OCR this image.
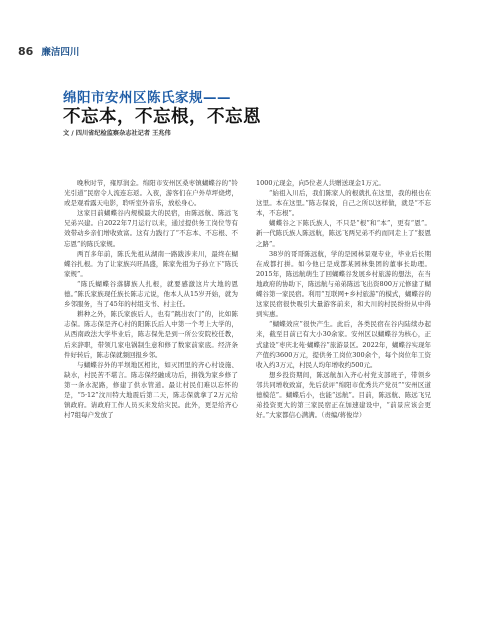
86 廉洁四川
绵阳市安州区陈氏家规——
不忘本，不忘根，不忘恩
文 / 四川省纪检监察杂志社记者 王兆伟

晚秋时节，雍厚润金。绵阳市安州区桑枣镇蝴蝶谷的“铃光引道”民宿令人流连忘返。入夜，游客们在户外草坪烧烤，或是观看露天电影，聆听室外音乐，放松身心。

这家目前蝴蝶谷内规模最大的民宿，由陈远航、陈远飞兄弟兴建。自2022年7月运行以来，通过提供务工岗位等有效带动乡亲们增收致富。这有力践行了“不忘本、不忘根、不忘恩”的陈氏家规。

两百多年前，陈氏先祖从湖南一路跋涉来川，最终在蝴蝶谷扎根。为了让家族兴旺昌盛，陈家先祖为子孙立下“陈氏家规”。

“陈氏蝴蝶谷落脚族人扎根，就要感激这片大地的恩德。”陈氏家族现任族长陈志元说，他本人从15岁开始，就为乡邻服务，当了45年的村组支书、村主任。

耕种之外，陈氏家族后人，也有“跳出农门”的，比如陈志保。陈志保是齐心村的阳陈氏后人中第一个考上大学的，从西南政法大学毕业后，陈志保先是到一所公安院校任教，后来辞职，带领几家电锅制生意和修了数家前家底。经济条件好转后，陈志保就频回报乡邻。

与蝴蝶谷外的平坝地区相比，如灭团里的齐心村设施、缺水，村民苦不堪言。陈志保经融成功后，捐钱为家乡修了第一条水泥路，修建了供水管道。最让村民们难以忘怀的是，“5·12”汶川特大地震后第二天，陈志保就拿了2万元给镇政府。请政府工作人员买来发给灾民。此外，更是给齐心村7组每户发放了

1000元现金，向5位老人共赠送现金1万元。

“始祖入川后，我们陈家人的根就扎在这里，我的根也在这里。本在这里。”陈志保说，自己之所以这样做，就是“不忘本，不忘根”。

蝴蝶谷之下陈氏族人，不只是“根”和“本”，更有“恩”。新一代陈氏族人陈远航，陈远飞两兄弟不约而同走上了“报恩之路”。

38岁的哥哥陈远航，学的是园林景观专业，毕业后长期在成都打拼。如今他已是成都某园林集团的董事长助理。2015年，陈远航萌生了回蝴蝶谷发展乡村旅游的想法，在当地政府的协助下，陈远航与弟弟陈远飞出资800万元修建了蝴蝶谷第一家民宿。利用“互联网+乡村旅游”的模式，蝴蝶谷的这家民宿很快吸引大量游客前来，和大川的村民纷纷从中得到实惠。

“蝴蝶效应”很快产生。此后，各类民宿在谷内陆续办起来，截至目前已有大小30余家。安州区以蝴蝶谷为核心，正式建设“枣庆北苑·蝴蝶谷”旅游景区。2022年，蝴蝶谷实现年产值约3600万元，提供务工岗位300余个，每个岗位年工资收入约3万元，村民人均年增收约500元。

想乡投资期间，陈远航加入齐心村党支部班子，带领乡邻共同增收致富，先后获评“绵阳市优秀共产党员”“安州区道德模范”。蝴蝶后小，也能“远航”。目前，陈远航、陈远飞兄弟投资更大的第三家民宿正在加速建设中，“前景应该会更好。”大家都信心满满。（责编/蒋俊岸）
